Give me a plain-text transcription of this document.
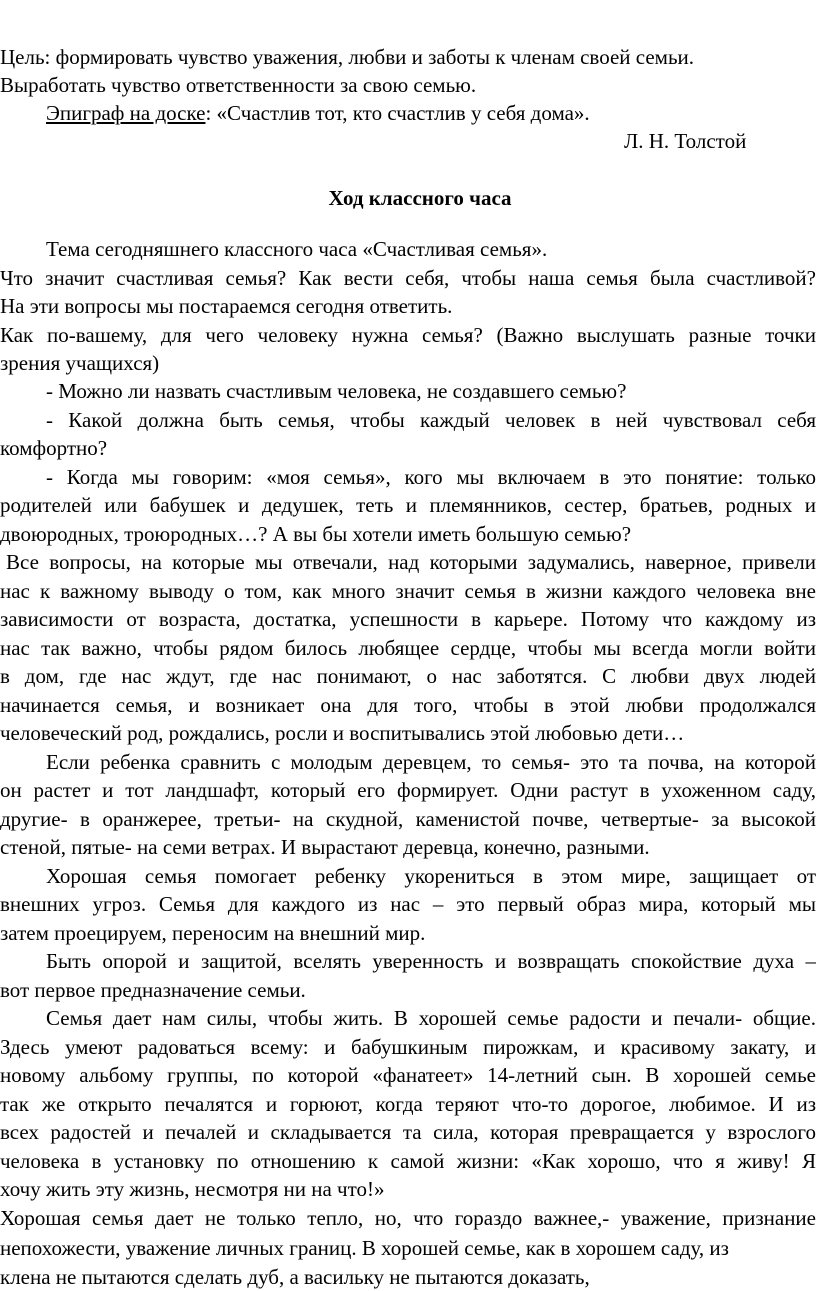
Цель: формировать чувство уважения, любви и заботы к членам своей семьи.
Выработать чувство ответственности за свою семью.
Эпиграф на доске: «Счастлив тот, кто счастлив у себя дома».
Л. Н. Толстой
Ход классного часа
Тема сегодняшнего классного часа «Счастливая семья».
Что значит счастливая семья? Как вести себя, чтобы наша семья была счастливой?
На эти вопросы мы постараемся сегодня ответить.
Как по-вашему, для чего человеку нужна семья? (Важно выслушать разные точки
зрения учащихся)
- Можно ли назвать счастливым человека, не создавшего семью?
- Какой должна быть семья, чтобы каждый человек в ней чувствовал себя
комфортно?
- Когда мы говорим: «моя семья», кого мы включаем в это понятие: только
родителей или бабушек и дедушек, теть и племянников, сестер, братьев, родных и
двоюродных, троюродных…? А вы бы хотели иметь большую семью?
Все вопросы, на которые мы отвечали, над которыми задумались, наверное, привели
нас к важному выводу о том, как много значит семья в жизни каждого человека вне
зависимости от возраста, достатка, успешности в карьере. Потому что каждому из
нас так важно, чтобы рядом билось любящее сердце, чтобы мы всегда могли войти
в дом, где нас ждут, где нас понимают, о нас заботятся. С любви двух людей
начинается семья, и возникает она для того, чтобы в этой любви продолжался
человеческий род, рождались, росли и воспитывались этой любовью дети…
Если ребенка сравнить с молодым деревцем, то семья- это та почва, на которой
он растет и тот ландшафт, который его формирует. Одни растут в ухоженном саду,
другие- в оранжерее, третьи- на скудной, каменистой почве, четвертые- за высокой
стеной, пятые- на семи ветрах. И вырастают деревца, конечно, разными.
Хорошая семья помогает ребенку укорениться в этом мире, защищает от
внешних угроз. Семья для каждого из нас – это первый образ мира, который мы
затем проецируем, переносим на внешний мир.
Быть опорой и защитой, вселять уверенность и возвращать спокойствие духа –
вот первое предназначение семьи.
Семья дает нам силы, чтобы жить. В хорошей семье радости и печали- общие.
Здесь умеют радоваться всему: и бабушкиным пирожкам, и красивому закату, и
новому альбому группы, по которой «фанатеет» 14-летний сын. В хорошей семье
так же открыто печалятся и горюют, когда теряют что-то дорогое, любимое. И из
всех радостей и печалей и складывается та сила, которая превращается у взрослого
человека в установку по отношению к самой жизни: «Как хорошо, что я живу! Я
хочу жить эту жизнь, несмотря ни на что!»
Хорошая семья дает не только тепло, но, что гораздо важнее,- уважение, признание
непохожести, уважение личных границ. В хорошей семье, как в хорошем саду, из
клена не пытаются сделать дуб, а васильку не пытаются доказать,
